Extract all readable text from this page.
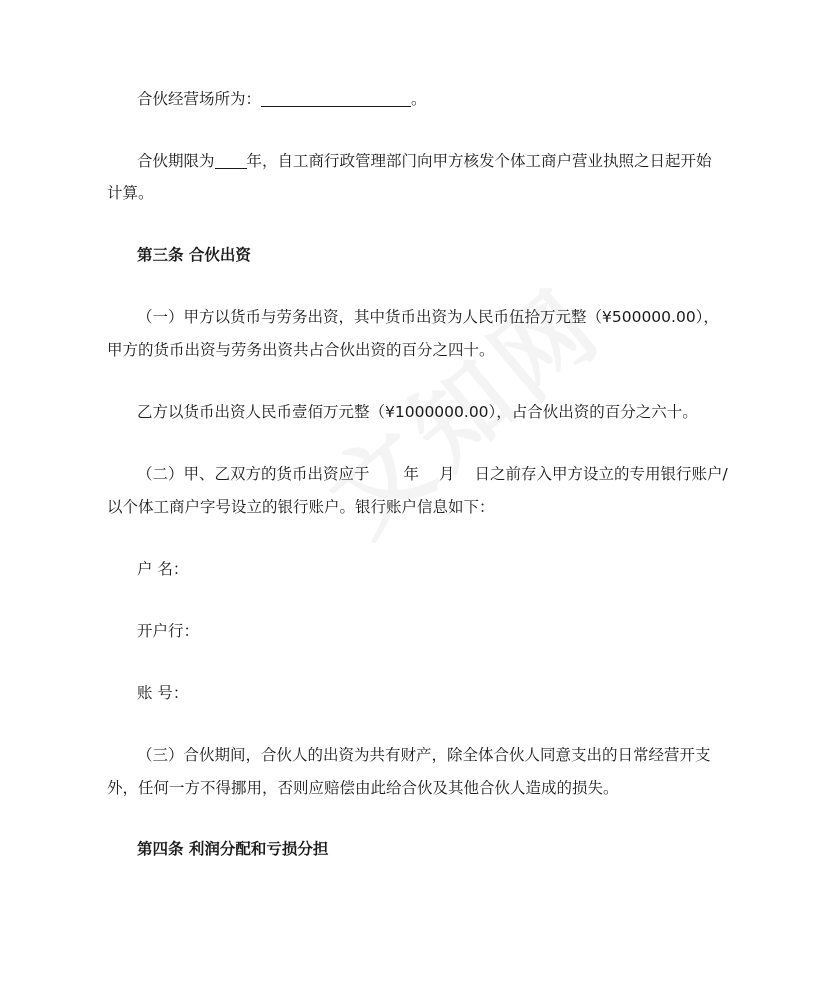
合伙经营场所为：	。
合伙期限为 年，自工商行政管理部门向甲方核发个体工商户营业执照之日起开始
计算。
第三条 合伙出资
（一）甲方以货币与劳务出资，其中货币出资为人民币伍拾万元整（¥500000.00），
甲方的货币出资与劳务出资共占合伙出资的百分之四十。
乙方以货币出资人民币壹佰万元整（¥1000000.00），占合伙出资的百分之六十。
（二）甲、乙双方的货币出资应于 年 月 日之前存入甲方设立的专用银行账户/
以个体工商户字号设立的银行账户。银行账户信息如下：
户 名：
开户行：
账 号：
（三）合伙期间，合伙人的出资为共有财产，除全体合伙人同意支出的日常经营开支
外，任何一方不得挪用，否则应赔偿由此给合伙及其他合伙人造成的损失。
第四条 利润分配和亏损分担
